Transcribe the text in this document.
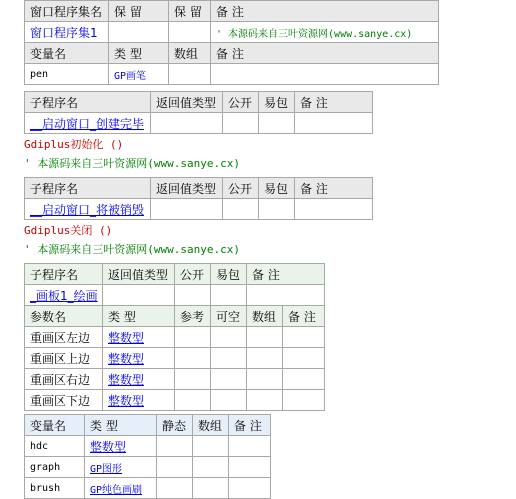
窗口程序集名	保 留	保 留	备 注
窗口程序集1			' 本源码来自三叶资源网(www.sanye.cx)
变量名	类 型	数组	备 注
pen	GP画笔		
子程序名	返回值类型	公开	易包	备 注
__启动窗口_创建完毕				
Gdiplus初始化 ()
' 本源码来自三叶资源网(www.sanye.cx)
子程序名	返回值类型	公开	易包	备 注
__启动窗口_将被销毁				
Gdiplus关闭 ()
' 本源码来自三叶资源网(www.sanye.cx)
子程序名	返回值类型	公开	易包	备 注	
_画板1_绘画					
参数名	类 型	参考	可空	数组	备 注
重画区左边	整数型				
重画区上边	整数型				
重画区右边	整数型				
重画区下边	整数型				
变量名	类 型	静态	数组	备 注
hdc	整数型			
graph	GP图形			
brush	GP纯色画刷			
